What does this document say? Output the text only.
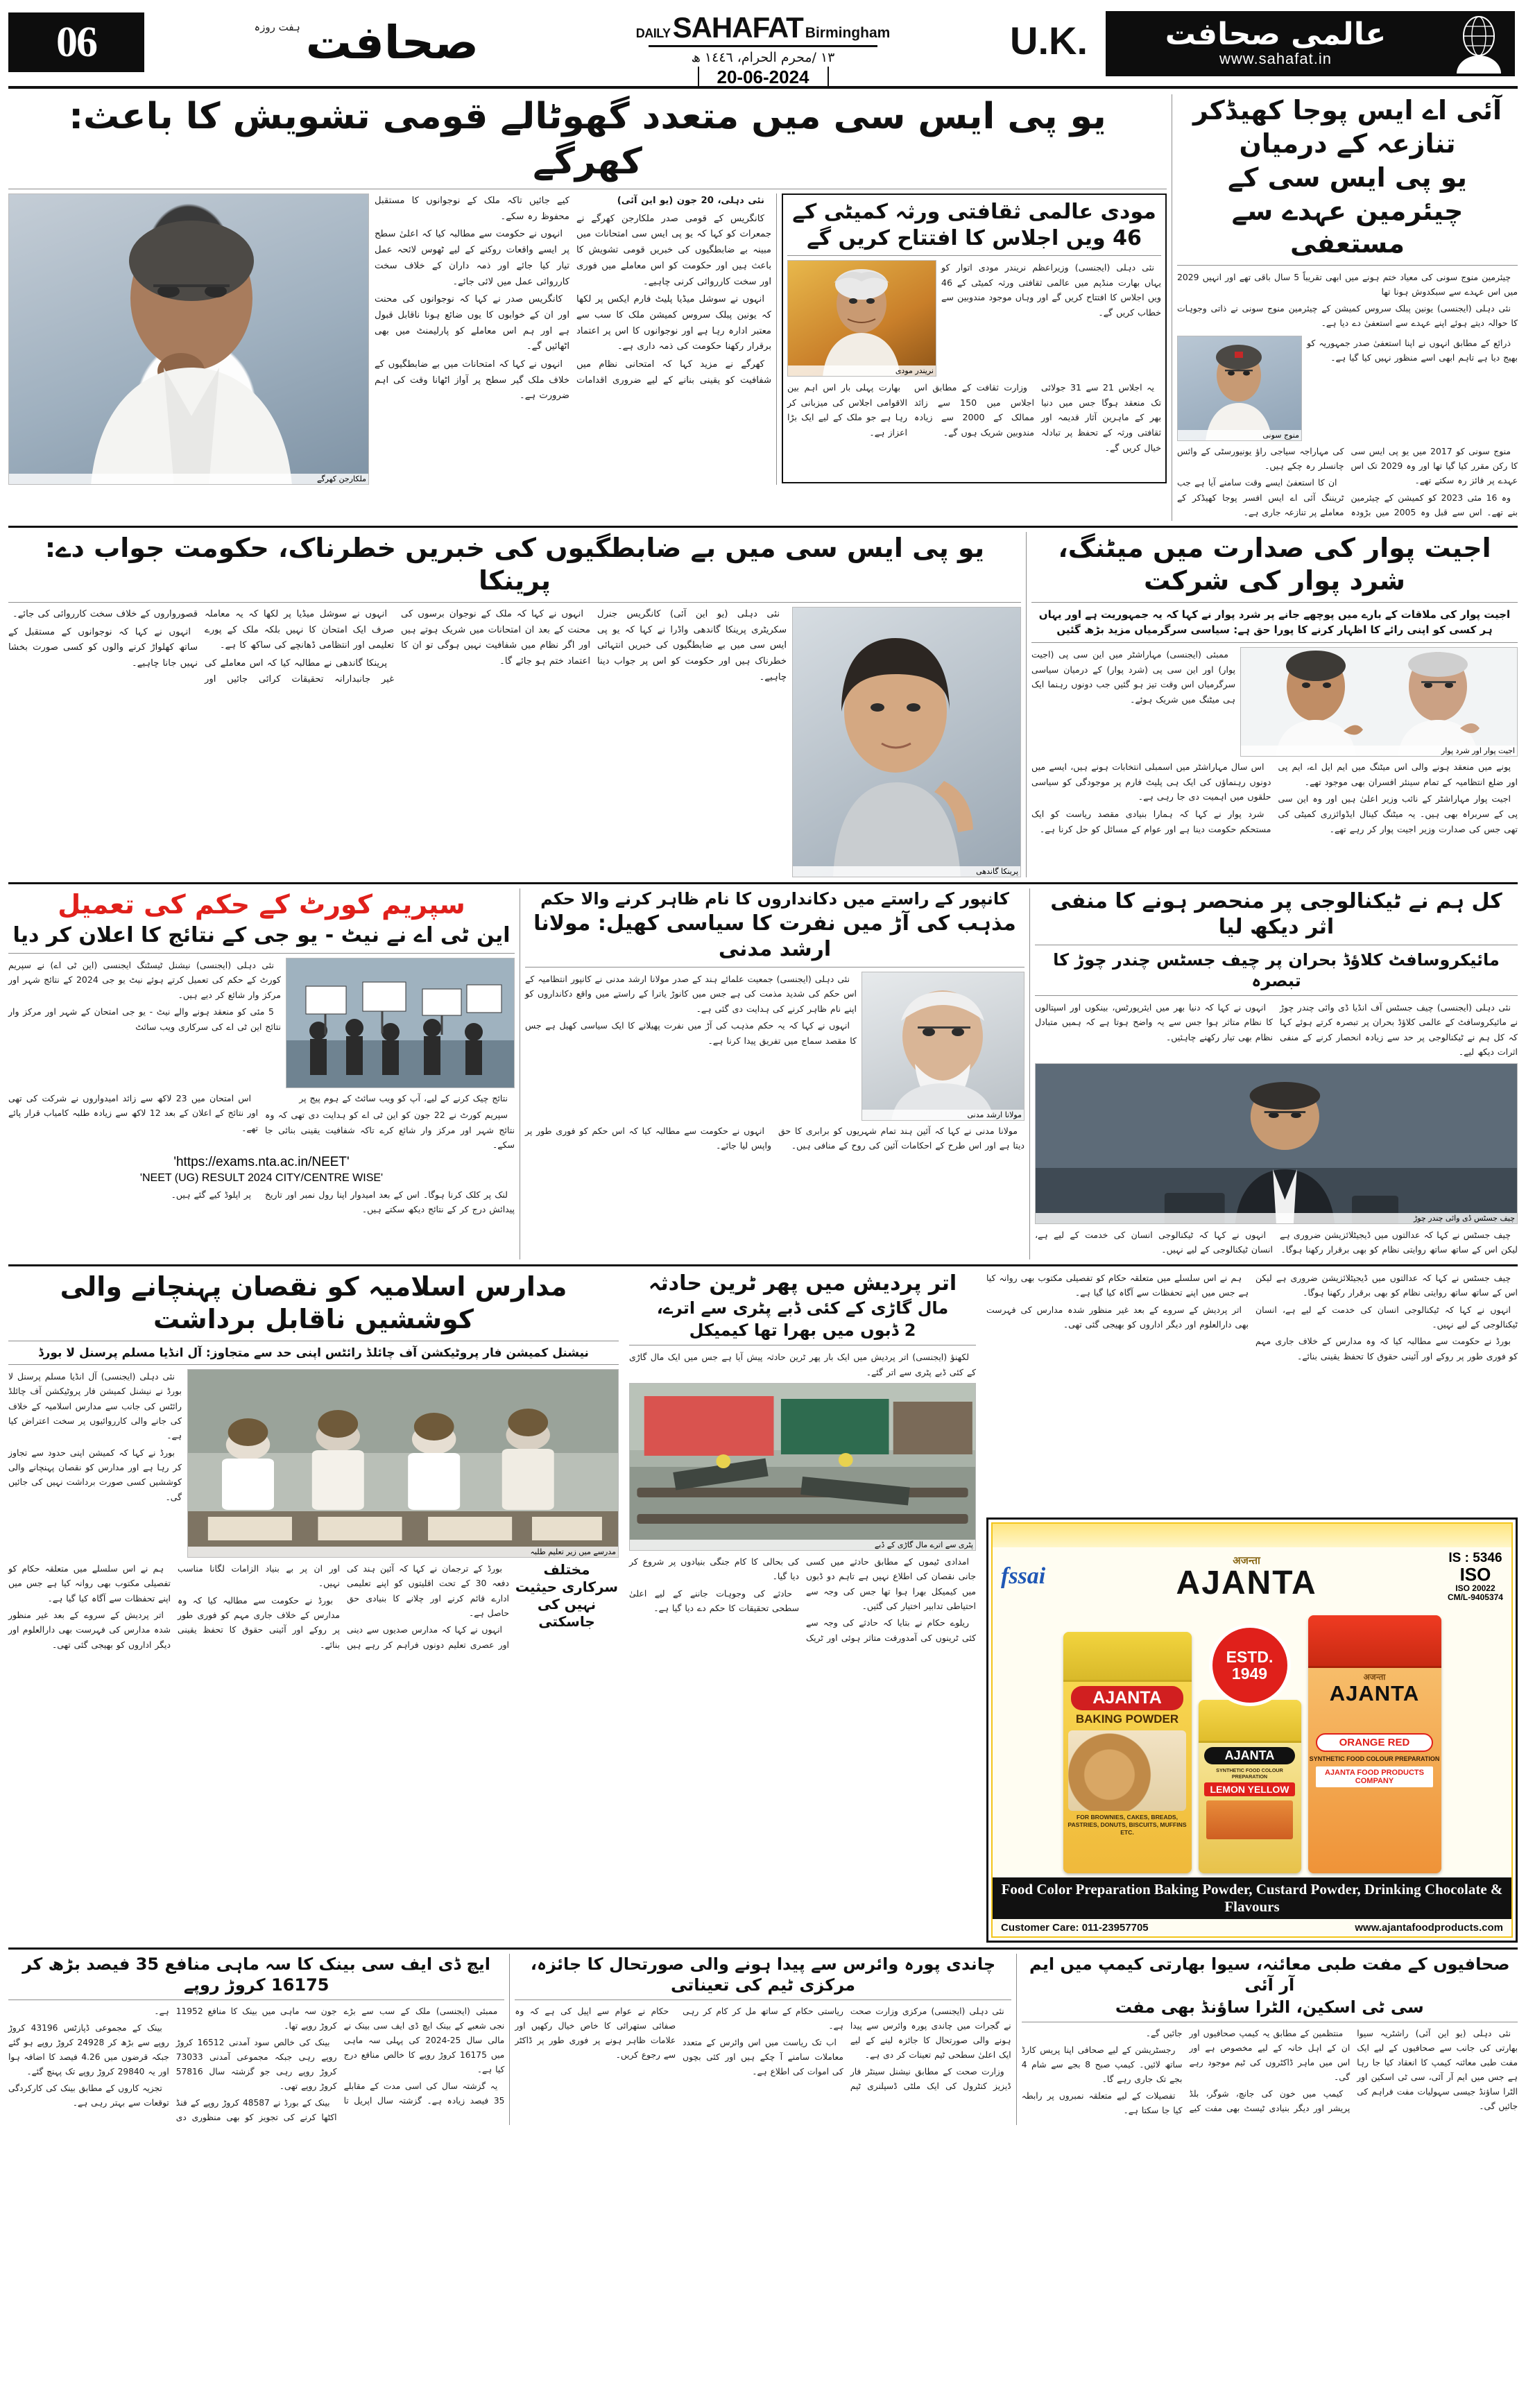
06	صحافت
ہفت روزہ	DAILY SAHAFAT Birmingham
١٣ /محرم الحرام، ١٤٤٦ ھ
20-06-2024
U.K.	عالمی صحافت
www.sahafat.in
یو پی ایس سی میں متعدد گھوٹالے قومی تشویش کا باعث: کھرگے
ملکارجن کھرگے

نئی دہلی، 20 جون (یو این آئی)

کانگریس کے قومی صدر ملکارجن کھرگے نے جمعرات کو کہا کہ یو پی ایس سی امتحانات میں مبینہ بے ضابطگیوں کی خبریں قومی تشویش کا باعث ہیں اور حکومت کو اس معاملے میں فوری اور سخت کارروائی کرنی چاہیے۔

انہوں نے سوشل میڈیا پلیٹ فارم ایکس پر لکھا کہ یونین پبلک سروس کمیشن ملک کا سب سے معتبر ادارہ رہا ہے اور نوجوانوں کا اس پر اعتماد برقرار رکھنا حکومت کی ذمہ داری ہے۔

کھرگے نے مزید کہا کہ امتحانی نظام میں شفافیت کو یقینی بنانے کے لیے ضروری اقدامات کیے جائیں تاکہ ملک کے نوجوانوں کا مستقبل محفوظ رہ سکے۔

انہوں نے حکومت سے مطالبہ کیا کہ اعلیٰ سطح پر ایسے واقعات روکنے کے لیے ٹھوس لائحہ عمل تیار کیا جائے اور ذمہ داران کے خلاف سخت کارروائی عمل میں لائی جائے۔

کانگریس صدر نے کہا کہ نوجوانوں کی محنت اور ان کے خوابوں کا یوں ضائع ہونا ناقابل قبول ہے اور ہم اس معاملے کو پارلیمنٹ میں بھی اٹھائیں گے۔

انہوں نے کہا کہ امتحانات میں بے ضابطگیوں کے خلاف ملک گیر سطح پر آواز اٹھانا وقت کی اہم ضرورت ہے۔

مودی عالمی ثقافتی ورثہ کمیٹی کے 46 ویں اجلاس کا افتتاح کریں گے
نریندر مودی

نئی دہلی (ایجنسی) وزیراعظم نریندر مودی اتوار کو یہاں بھارت منڈپم میں عالمی ثقافتی ورثہ کمیٹی کے 46 ویں اجلاس کا افتتاح کریں گے اور وہاں موجود مندوبین سے خطاب کریں گے۔

یہ اجلاس 21 سے 31 جولائی تک منعقد ہوگا جس میں دنیا بھر کے ماہرین آثار قدیمہ اور ثقافتی ورثہ کے تحفظ پر تبادلہ خیال کریں گے۔

وزارت ثقافت کے مطابق اس اجلاس میں 150 سے زائد ممالک کے 2000 سے زیادہ مندوبین شریک ہوں گے۔

بھارت پہلی بار اس اہم بین الاقوامی اجلاس کی میزبانی کر رہا ہے جو ملک کے لیے ایک بڑا اعزاز ہے۔

آئی اے ایس پوجا کھیڈکر تنازعہ کے درمیان
یو پی ایس سی کے چیئرمین عہدے سے مستعفی

چیئرمین منوج سونی کی معیاد ختم ہونے میں ابھی تقریباً 5 سال باقی تھے اور انہیں 2029 میں اس عہدے سے سبکدوش ہونا تھا

نئی دہلی (ایجنسی) یونین پبلک سروس کمیشن کے چیئرمین منوج سونی نے ذاتی وجوہات کا حوالہ دیتے ہوئے اپنے عہدے سے استعفیٰ دے دیا ہے۔

منوج سونی

ذرائع کے مطابق انہوں نے اپنا استعفیٰ صدر جمہوریہ کو بھیج دیا ہے تاہم ابھی اسے منظور نہیں کیا گیا ہے۔

منوج سونی کو 2017 میں یو پی ایس سی کا رکن مقرر کیا گیا تھا اور وہ 2029 تک اس عہدے پر فائز رہ سکتے تھے۔

وہ 16 مئی 2023 کو کمیشن کے چیئرمین بنے تھے۔ اس سے قبل وہ 2005 میں بڑودہ کی مہاراجہ سیاجی راؤ یونیورسٹی کے وائس چانسلر رہ چکے ہیں۔

ان کا استعفیٰ ایسے وقت سامنے آیا ہے جب ٹریننگ آئی اے ایس افسر پوجا کھیڈکر کے معاملے پر تنازعہ جاری ہے۔

یو پی ایس سی میں بے ضابطگیوں کی خبریں خطرناک، حکومت جواب دے: پرینکا

نئی دہلی (یو این آئی) کانگریس جنرل سکریٹری پرینکا گاندھی واڈرا نے کہا کہ یو پی ایس سی میں بے ضابطگیوں کی خبریں انتہائی خطرناک ہیں اور حکومت کو اس پر جواب دینا چاہیے۔

انہوں نے کہا کہ ملک کے نوجوان برسوں کی محنت کے بعد ان امتحانات میں شریک ہوتے ہیں اور اگر نظام میں شفافیت نہیں ہوگی تو ان کا اعتماد ختم ہو جائے گا۔

انہوں نے سوشل میڈیا پر لکھا کہ یہ معاملہ صرف ایک امتحان کا نہیں بلکہ ملک کے پورے تعلیمی اور انتظامی ڈھانچے کی ساکھ کا ہے۔

پرینکا گاندھی نے مطالبہ کیا کہ اس معاملے کی غیر جانبدارانہ تحقیقات کرائی جائیں اور قصورواروں کے خلاف سخت کارروائی کی جائے۔

انہوں نے کہا کہ نوجوانوں کے مستقبل کے ساتھ کھلواڑ کرنے والوں کو کسی صورت بخشا نہیں جانا چاہیے۔

پرینکا گاندھی
اجیت پوار کی صدارت میں میٹنگ، شرد پوار کی شرکت
اجیت پوار کی ملاقات کے بارے میں پوچھے جانے پر شرد پوار نے کہا کہ یہ جمہوریت ہے اور یہاں ہر کسی کو اپنی رائے کا اظہار کرنے کا پورا حق ہے: سیاسی سرگرمیاں مزید بڑھ گئیں

ممبئی (ایجنسی) مہاراشٹر میں این سی پی (اجیت پوار) اور این سی پی (شرد پوار) کے درمیان سیاسی سرگرمیاں اس وقت تیز ہو گئیں جب دونوں رہنما ایک ہی میٹنگ میں شریک ہوئے۔

اجیت پوار اور شرد پوار

پونے میں منعقد ہونے والی اس میٹنگ میں ایم ایل اے، ایم پی اور ضلع انتظامیہ کے تمام سینئر افسران بھی موجود تھے۔

اجیت پوار مہاراشٹر کے نائب وزیر اعلیٰ ہیں اور وہ این سی پی کے سربراہ بھی ہیں۔ یہ میٹنگ کینال ایڈوائزری کمیٹی کی تھی جس کی صدارت وزیر اجیت پوار کر رہے تھے۔

اس سال مہاراشٹر میں اسمبلی انتخابات ہونے ہیں، ایسے میں دونوں رہنماؤں کی ایک ہی پلیٹ فارم پر موجودگی کو سیاسی حلقوں میں اہمیت دی جا رہی ہے۔

شرد پوار نے کہا کہ ہمارا بنیادی مقصد ریاست کو ایک مستحکم حکومت دینا ہے اور عوام کے مسائل کو حل کرنا ہے۔

سپریم کورٹ کے حکم کی تعمیل
این ٹی اے نے نیٹ - یو جی کے نتائج کا اعلان کر دیا

نئی دہلی (ایجنسی) نیشنل ٹیسٹنگ ایجنسی (این ٹی اے) نے سپریم کورٹ کے حکم کی تعمیل کرتے ہوئے نیٹ یو جی 2024 کے نتائج شہر اور مرکز وار شائع کر دیے ہیں۔

5 مئی کو منعقد ہونے والے نیٹ - یو جی امتحان کے شہر اور مرکز وار نتائج این ٹی اے کی سرکاری ویب سائٹ

نتائج چیک کرنے کے لیے، آپ کو ویب سائٹ کے ہوم پیج پر

سپریم کورٹ نے 22 جون کو این ٹی اے کو ہدایت دی تھی کہ وہ نتائج شہر اور مرکز وار شائع کرے تاکہ شفافیت یقینی بنائی جا سکے۔

اس امتحان میں 23 لاکھ سے زائد امیدواروں نے شرکت کی تھی اور نتائج کے اعلان کے بعد 12 لاکھ سے زیادہ طلبہ کامیاب قرار پائے تھے۔

'https://exams.nta.ac.in/NEET'
'NEET (UG) RESULT 2024 CITY/CENTRE WISE'

لنک پر کلک کرنا ہوگا۔ اس کے بعد امیدوار اپنا رول نمبر اور تاریخ پیدائش درج کر کے نتائج دیکھ سکتے ہیں۔

پر اپلوڈ کیے گئے ہیں۔

کانپور کے راستے میں دکانداروں کا نام ظاہر کرنے والا حکم
مذہب کی آڑ میں نفرت کا سیاسی کھیل: مولانا ارشد مدنی

نئی دہلی (ایجنسی) جمعیت علمائے ہند کے صدر مولانا ارشد مدنی نے کانپور انتظامیہ کے اس حکم کی شدید مذمت کی ہے جس میں کانوڑ یاترا کے راستے میں واقع دکانداروں کو اپنے نام ظاہر کرنے کی ہدایت دی گئی ہے۔

انہوں نے کہا کہ یہ حکم مذہب کی آڑ میں نفرت پھیلانے کا ایک سیاسی کھیل ہے جس کا مقصد سماج میں تفریق پیدا کرنا ہے۔

مولانا ارشد مدنی

مولانا مدنی نے کہا کہ آئین ہند تمام شہریوں کو برابری کا حق دیتا ہے اور اس طرح کے احکامات آئین کی روح کے منافی ہیں۔

انہوں نے حکومت سے مطالبہ کیا کہ اس حکم کو فوری طور پر واپس لیا جائے۔

کل ہم نے ٹیکنالوجی پر منحصر ہونے کا منفی اثر دیکھ لیا
مائیکروسافٹ کلاؤڈ بحران پر چیف جسٹس چندر چوڑ کا تبصرہ

نئی دہلی (ایجنسی) چیف جسٹس آف انڈیا ڈی وائی چندر چوڑ نے مائیکروسافٹ کے عالمی کلاؤڈ بحران پر تبصرہ کرتے ہوئے کہا کہ کل ہم نے ٹیکنالوجی پر حد سے زیادہ انحصار کرنے کے منفی اثرات دیکھ لیے۔

انہوں نے کہا کہ دنیا بھر میں ایئرپورٹس، بینکوں اور اسپتالوں کا نظام متاثر ہوا جس سے یہ واضح ہوتا ہے کہ ہمیں متبادل نظام بھی تیار رکھنے چاہئیں۔

چیف جسٹس ڈی وائی چندر چوڑ

چیف جسٹس نے کہا کہ عدالتوں میں ڈیجیٹلائزیشن ضروری ہے لیکن اس کے ساتھ ساتھ روایتی نظام کو بھی برقرار رکھنا ہوگا۔

انہوں نے کہا کہ ٹیکنالوجی انسان کی خدمت کے لیے ہے، انسان ٹیکنالوجی کے لیے نہیں۔

مدارس اسلامیہ کو نقصان پہنچانے والی کوششیں ناقابل برداشت
نیشنل کمیشن فار پروٹیکشن آف چائلڈ رائٹس اپنی حد سے متجاوز: آل انڈیا مسلم پرسنل لا بورڈ

نئی دہلی (ایجنسی) آل انڈیا مسلم پرسنل لا بورڈ نے نیشنل کمیشن فار پروٹیکشن آف چائلڈ رائٹس کی جانب سے مدارس اسلامیہ کے خلاف کی جانے والی کارروائیوں پر سخت اعتراض کیا ہے۔

بورڈ نے کہا کہ کمیشن اپنی حدود سے تجاوز کر رہا ہے اور مدارس کو نقصان پہنچانے والی کوششیں کسی صورت برداشت نہیں کی جائیں گی۔

مدرسے میں زیر تعلیم طلبہ

بورڈ کے ترجمان نے کہا کہ آئین ہند کی دفعہ 30 کے تحت اقلیتوں کو اپنے تعلیمی ادارے قائم کرنے اور چلانے کا بنیادی حق حاصل ہے۔

انہوں نے کہا کہ مدارس صدیوں سے دینی اور عصری تعلیم دونوں فراہم کر رہے ہیں اور ان پر بے بنیاد الزامات لگانا مناسب نہیں۔

بورڈ نے حکومت سے مطالبہ کیا کہ وہ مدارس کے خلاف جاری مہم کو فوری طور پر روکے اور آئینی حقوق کا تحفظ یقینی بنائے۔

ہم نے اس سلسلے میں متعلقہ حکام کو تفصیلی مکتوب بھی روانہ کیا ہے جس میں اپنے تحفظات سے آگاہ کیا گیا ہے۔

اتر پردیش کے سروے کے بعد غیر منظور شدہ مدارس کی فہرست بھی دارالعلوم اور دیگر اداروں کو بھیجی گئی تھی۔

مختلف سرکاری حیثیت
نہیں کی جاسکتی
اتر پردیش میں پھر ٹرین حادثہ
مال گاڑی کے کئی ڈبے پٹری سے اترے،
2 ڈبوں میں بھرا تھا کیمیکل

لکھنؤ (ایجنسی) اتر پردیش میں ایک بار پھر ٹرین حادثہ پیش آیا ہے جس میں ایک مال گاڑی کے کئی ڈبے پٹری سے اتر گئے۔

پٹری سے اترے مال گاڑی کے ڈبے

امدادی ٹیموں کے مطابق حادثے میں کسی جانی نقصان کی اطلاع نہیں ہے تاہم دو ڈبوں میں کیمیکل بھرا ہوا تھا جس کی وجہ سے احتیاطی تدابیر اختیار کی گئیں۔

ریلوے حکام نے بتایا کہ حادثے کی وجہ سے کئی ٹرینوں کی آمدورفت متاثر ہوئی اور ٹریک کی بحالی کا کام جنگی بنیادوں پر شروع کر دیا گیا۔

حادثے کی وجوہات جاننے کے لیے اعلیٰ سطحی تحقیقات کا حکم دے دیا گیا ہے۔

چیف جسٹس نے کہا کہ عدالتوں میں ڈیجیٹلائزیشن ضروری ہے لیکن اس کے ساتھ ساتھ روایتی نظام کو بھی برقرار رکھنا ہوگا۔

انہوں نے کہا کہ ٹیکنالوجی انسان کی خدمت کے لیے ہے، انسان ٹیکنالوجی کے لیے نہیں۔

بورڈ نے حکومت سے مطالبہ کیا کہ وہ مدارس کے خلاف جاری مہم کو فوری طور پر روکے اور آئینی حقوق کا تحفظ یقینی بنائے۔

ہم نے اس سلسلے میں متعلقہ حکام کو تفصیلی مکتوب بھی روانہ کیا ہے جس میں اپنے تحفظات سے آگاہ کیا گیا ہے۔

اتر پردیش کے سروے کے بعد غیر منظور شدہ مدارس کی فہرست بھی دارالعلوم اور دیگر اداروں کو بھیجی گئی تھی۔

fssai
अजन्ता
AJANTA
IS : 5346
ISO
ISO 20022
CM/L-9405374
AJANTA
BAKING POWDER
FOR BROWNIES, CAKES, BREADS, PASTRIES, DONUTS, BISCUITS, MUFFINS ETC.
ESTD.
1949
AJANTA
SYNTHETIC FOOD COLOUR PREPARATION
LEMON YELLOW
अजन्ता
AJANTA
ORANGE RED
SYNTHETIC FOOD COLOUR PREPARATION
AJANTA FOOD PRODUCTS COMPANY
Food Color Preparation Baking Powder, Custard Powder, Drinking Chocolate & Flavours
Customer Care: 011-23957705	www.ajantafoodproducts.com
ایچ ڈی ایف سی بینک کا سہ ماہی منافع 35 فیصد بڑھ کر 16175 کروڑ روپے

ممبئی (ایجنسی) ملک کے سب سے بڑے نجی شعبے کے بینک ایچ ڈی ایف سی بینک نے مالی سال 25-2024 کی پہلی سہ ماہی میں 16175 کروڑ روپے کا خالص منافع درج کیا ہے۔

یہ گزشتہ سال کی اسی مدت کے مقابلے 35 فیصد زیادہ ہے۔ گزشتہ سال اپریل تا جون سہ ماہی میں بینک کا منافع 11952 کروڑ روپے تھا۔

بینک کی خالص سود آمدنی 16512 کروڑ روپے رہی جبکہ مجموعی آمدنی 73033 کروڑ روپے رہی جو گزشتہ سال 57816 کروڑ روپے تھی۔

بینک کے بورڈ نے 48587 کروڑ روپے کے فنڈ اکٹھا کرنے کی تجویز کو بھی منظوری دی ہے۔

بینک کے مجموعی ڈپازٹس 43196 کروڑ روپے سے بڑھ کر 24928 کروڑ روپے ہو گئے جبکہ قرضوں میں 4.26 فیصد کا اضافہ ہوا اور یہ 29840 کروڑ روپے تک پہنچ گئے۔

تجزیہ کاروں کے مطابق بینک کی کارکردگی توقعات سے بہتر رہی ہے۔

چاندی پورہ وائرس سے پیدا ہونے والی صورتحال کا جائزہ، مرکزی ٹیم کی تعیناتی

نئی دہلی (ایجنسی) مرکزی وزارت صحت نے گجرات میں چاندی پورہ وائرس سے پیدا ہونے والی صورتحال کا جائزہ لینے کے لیے ایک اعلیٰ سطحی ٹیم تعینات کر دی ہے۔

وزارت صحت کے مطابق نیشنل سینٹر فار ڈیزیز کنٹرول کی ایک ملٹی ڈسپلنری ٹیم ریاستی حکام کے ساتھ مل کر کام کر رہی ہے۔

اب تک ریاست میں اس وائرس کے متعدد معاملات سامنے آ چکے ہیں اور کئی بچوں کی اموات کی اطلاع ہے۔

حکام نے عوام سے اپیل کی ہے کہ وہ صفائی ستھرائی کا خاص خیال رکھیں اور علامات ظاہر ہونے پر فوری طور پر ڈاکٹر سے رجوع کریں۔

صحافیوں کے مفت طبی معائنہ، سیوا بھارتی کیمپ میں ایم آر آئی
سی ٹی اسکین، الٹرا ساؤنڈ بھی مفت

نئی دہلی (یو این آئی) راشٹریہ سیوا بھارتی کی جانب سے صحافیوں کے لیے ایک مفت طبی معائنہ کیمپ کا انعقاد کیا جا رہا ہے جس میں ایم آر آئی، سی ٹی اسکین اور الٹرا ساؤنڈ جیسی سہولیات مفت فراہم کی جائیں گی۔

منتظمین کے مطابق یہ کیمپ صحافیوں اور ان کے اہل خانہ کے لیے مخصوص ہے اور اس میں ماہر ڈاکٹروں کی ٹیم موجود رہے گی۔

کیمپ میں خون کی جانچ، شوگر، بلڈ پریشر اور دیگر بنیادی ٹیسٹ بھی مفت کیے جائیں گے۔

رجسٹریشن کے لیے صحافی اپنا پریس کارڈ ساتھ لائیں۔ کیمپ صبح 8 بجے سے شام 4 بجے تک جاری رہے گا۔

تفصیلات کے لیے متعلقہ نمبروں پر رابطہ کیا جا سکتا ہے۔
